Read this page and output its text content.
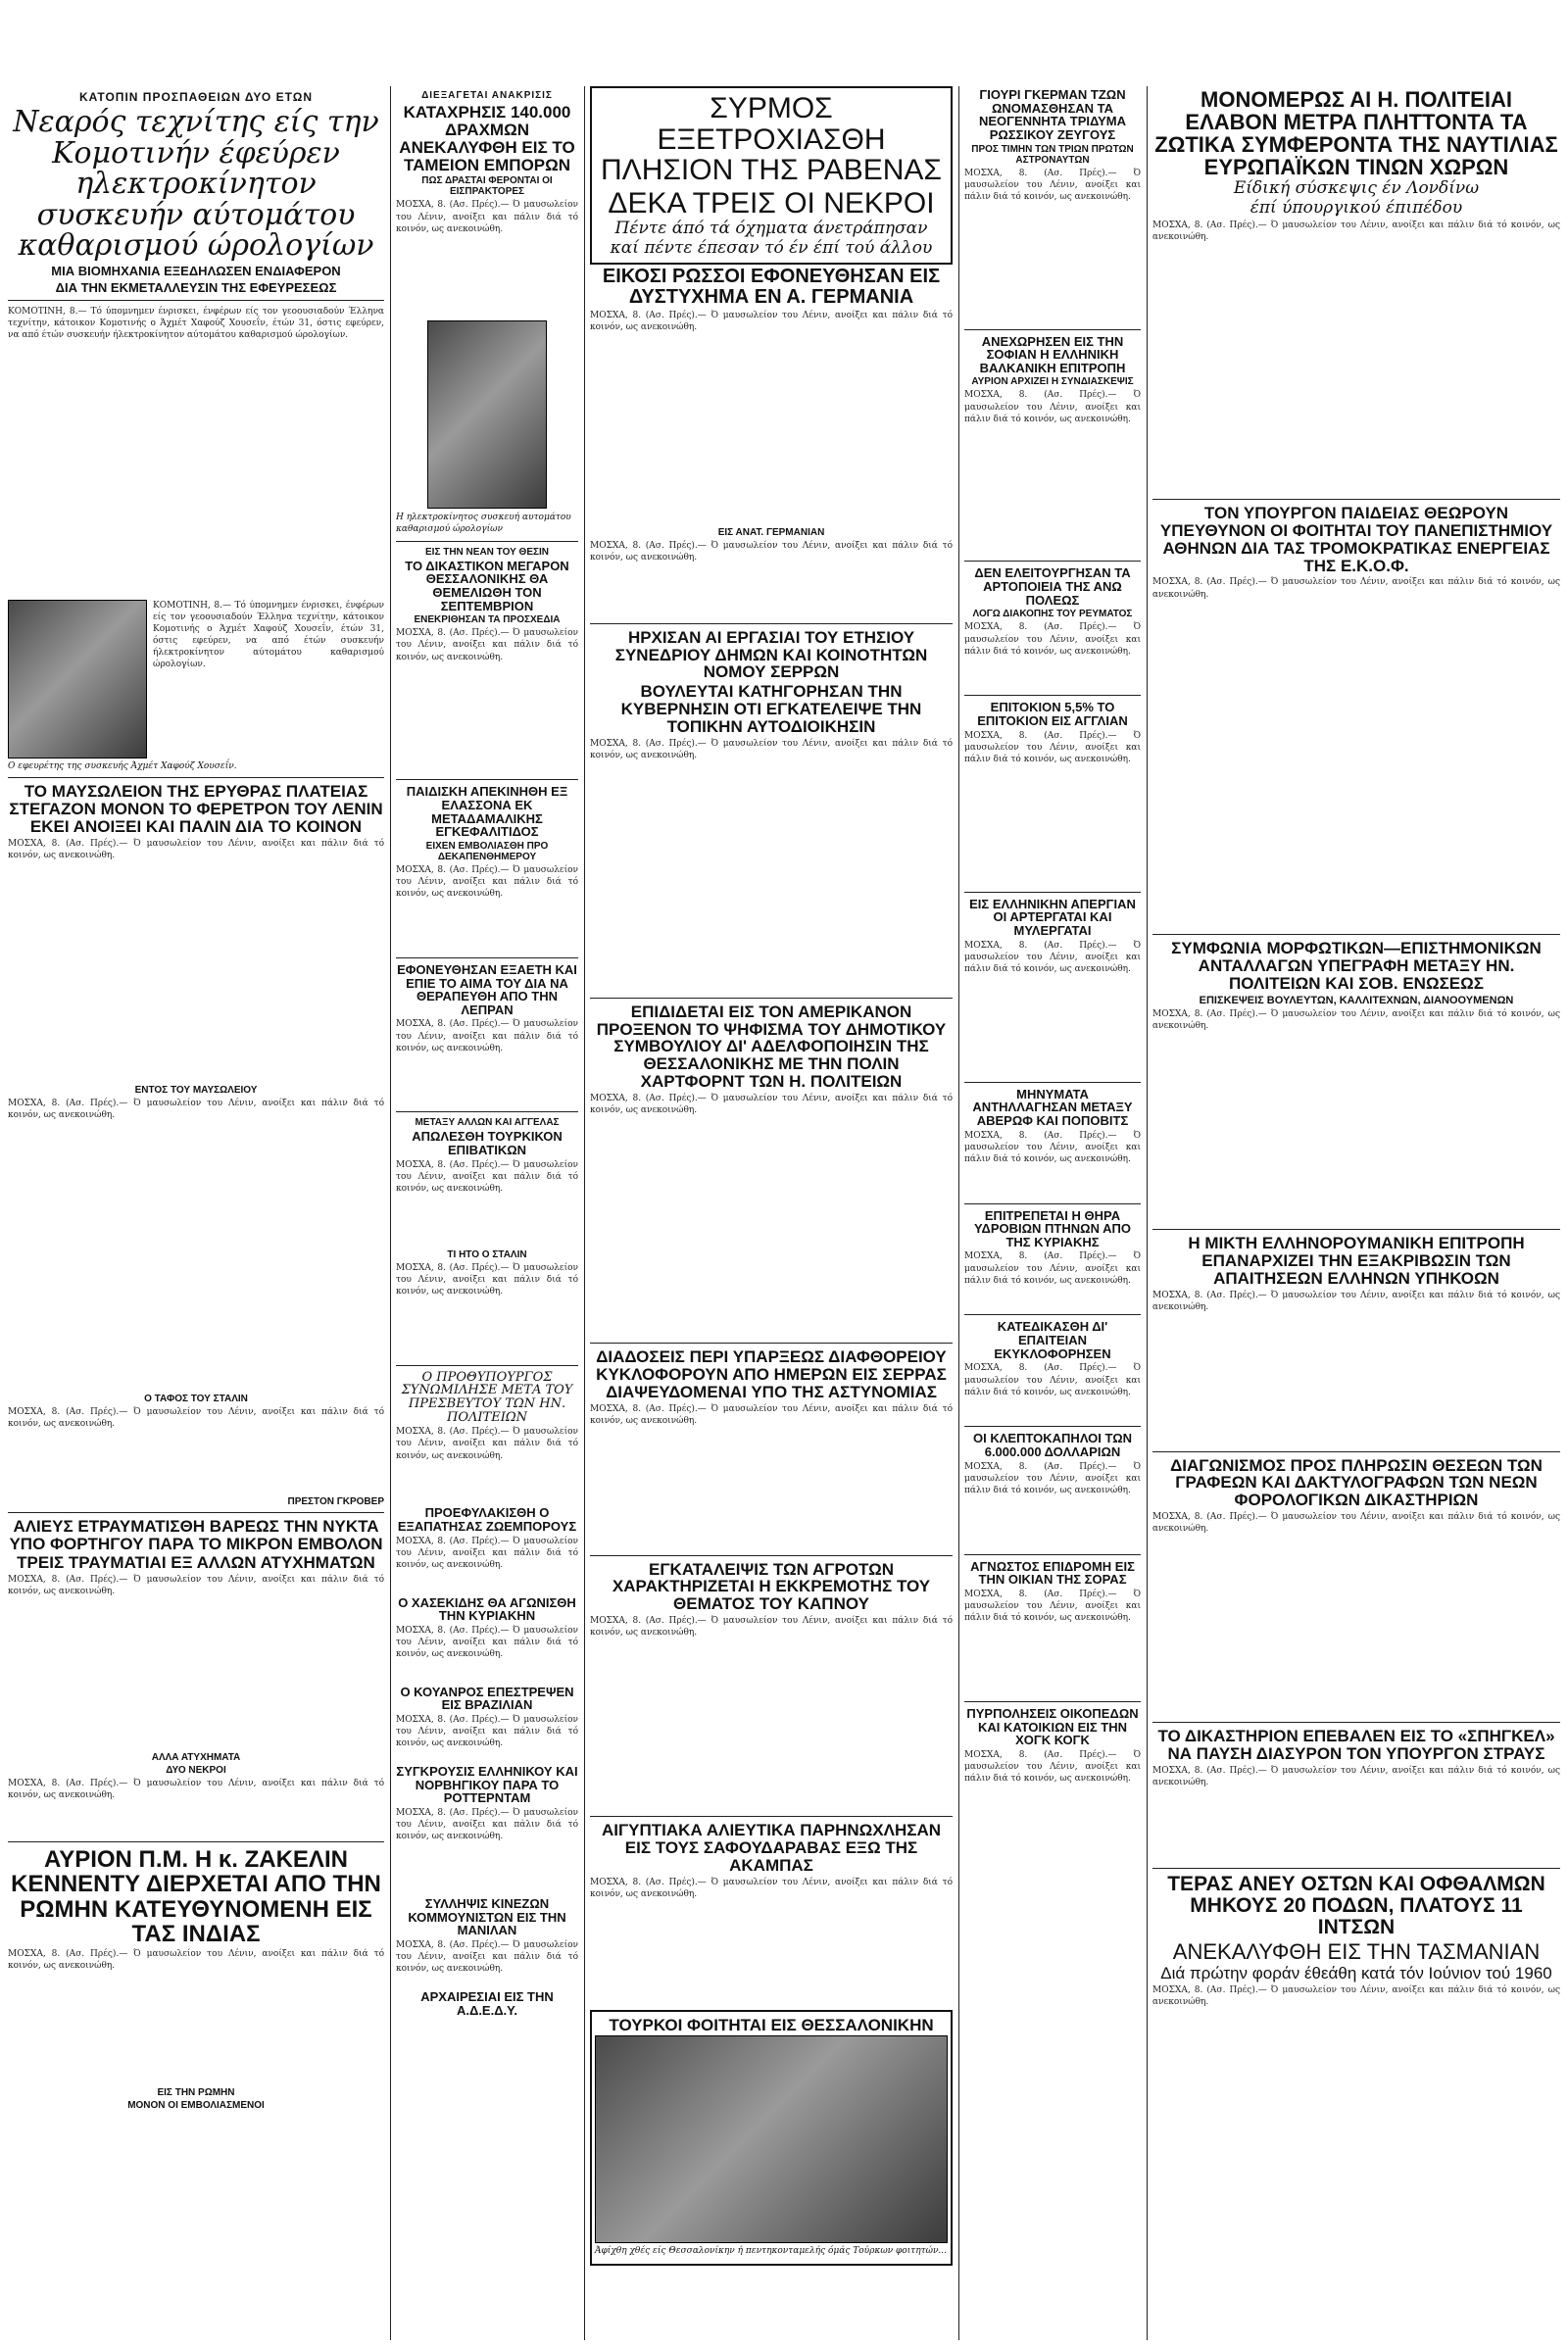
ΚΑΤΟΠΙΝ ΠΡΟΣΠΑΘΕΙΩΝ ΔΥΟ ΕΤΩΝ
Νεαρός τεχνίτης είς την Κομοτινήν έφεύρεν ηλεκτροκίνητον συσκευήν αύτομάτου καθαρισμού ώρολογίων
ΜΙΑ ΒΙΟΜΗΧΑΝΙΑ ΕΞΕΔΗΛΩΣΕΝ ΕΝΔΙΑΦΕΡΟΝ
ΔΙΑ ΤΗΝ ΕΚΜΕΤΑΛΛΕΥΣΙΝ ΤΗΣ ΕΦΕΥΡΕΣΕΩΣ
ΚΟΜΟΤΙΝΗ, 8.— Τό ύπομνημεν ένρισκει, ένφέρων είς τον γεοουσιαδούν Έλληνα τεχνίτην, κάτοικον Κομοτινής ο Άχμέτ Χαφούζ Χουσεΐν, έτών 31, όστις εφεύρεν, να από έτών συσκευήν ήλεκτροκίνητον αύτομάτου καθαρισμού ώρολογίων.
ΚΟΜΟΤΙΝΗ, 8.— Τό ύπομνημεν ένρισκει, ένφέρων είς τον γεοουσιαδούν Έλληνα τεχνίτην, κάτοικον Κομοτινής ο Άχμέτ Χαφούζ Χουσεΐν, έτών 31, όστις εφεύρεν, να από έτών συσκευήν ήλεκτροκίνητον αύτομάτου καθαρισμού ώρολογίων.
Ο εφευρέτης της συσκευής Άχμέτ Χαφούζ Χουσεΐν.
ΤΟ ΜΑΥΣΩΛΕΙΟΝ ΤΗΣ ΕΡΥΘΡΑΣ ΠΛΑΤΕΙΑΣ ΣΤΕΓΑΖΟΝ ΜΟΝΟΝ ΤΟ ΦΕΡΕΤΡΟΝ ΤΟΥ ΛΕΝΙΝ ΕΚΕΙ ΑΝΟΙΞΕΙ ΚΑΙ ΠΑΛΙΝ ΔΙΑ ΤΟ ΚΟΙΝΟΝ
ΜΟΣΧΑ, 8. (Ασ. Πρές).— Ό μαυσωλείον του Λένιν, ανοίξει και πάλιν διά τό κοινόν, ως ανεκοινώθη.
ΕΝΤΟΣ ΤΟΥ ΜΑΥΣΩΛΕΙΟΥ
ΜΟΣΧΑ, 8. (Ασ. Πρές).— Ό μαυσωλείον του Λένιν, ανοίξει και πάλιν διά τό κοινόν, ως ανεκοινώθη.
Ο ΤΑΦΟΣ ΤΟΥ ΣΤΑΛΙΝ
ΜΟΣΧΑ, 8. (Ασ. Πρές).— Ό μαυσωλείον του Λένιν, ανοίξει και πάλιν διά τό κοινόν, ως ανεκοινώθη.
ΠΡΕΣΤΟΝ ΓΚΡΟΒΕΡ
ΑΛΙΕΥΣ ΕΤΡΑΥΜΑΤΙΣΘΗ ΒΑΡΕΩΣ ΤΗΝ ΝΥΚΤΑ ΥΠΟ ΦΟΡΤΗΓΟΥ ΠΑΡΑ ΤΟ ΜΙΚΡΟΝ ΕΜΒΟΛΟΝ
ΤΡΕΙΣ ΤΡΑΥΜΑΤΙΑΙ ΕΞ ΑΛΛΩΝ ΑΤΥΧΗΜΑΤΩΝ
ΜΟΣΧΑ, 8. (Ασ. Πρές).— Ό μαυσωλείον του Λένιν, ανοίξει και πάλιν διά τό κοινόν, ως ανεκοινώθη.
ΑΛΛΑ ΑΤΥΧΗΜΑΤΑ
ΔΥΟ ΝΕΚΡΟΙ
ΜΟΣΧΑ, 8. (Ασ. Πρές).— Ό μαυσωλείον του Λένιν, ανοίξει και πάλιν διά τό κοινόν, ως ανεκοινώθη.
ΑΥΡΙΟΝ Π.Μ. Η κ. ΖΑΚΕΛΙΝ ΚΕΝΝΕΝΤΥ ΔΙΕΡΧΕΤΑΙ ΑΠΟ ΤΗΝ ΡΩΜΗΝ ΚΑΤΕΥΘΥΝΟΜΕΝΗ ΕΙΣ ΤΑΣ ΙΝΔΙΑΣ
ΜΟΣΧΑ, 8. (Ασ. Πρές).— Ό μαυσωλείον του Λένιν, ανοίξει και πάλιν διά τό κοινόν, ως ανεκοινώθη.
ΕΙΣ ΤΗΝ ΡΩΜΗΝ
ΜΟΝΟΝ ΟΙ ΕΜΒΟΛΙΑΣΜΕΝΟΙ
ΔΙΕΞΑΓΕΤΑΙ ΑΝΑΚΡΙΣΙΣ
ΚΑΤΑΧΡΗΣΙΣ 140.000 ΔΡΑΧΜΩΝ ΑΝΕΚΑΛΥΦΘΗ ΕΙΣ ΤΟ ΤΑΜΕΙΟΝ ΕΜΠΟΡΩΝ
ΠΩΣ ΔΡΑΣΤΑΙ ΦΕΡΟΝΤΑΙ ΟΙ ΕΙΣΠΡΑΚΤΟΡΕΣ
ΜΟΣΧΑ, 8. (Ασ. Πρές).— Ό μαυσωλείον του Λένιν, ανοίξει και πάλιν διά τό κοινόν, ως ανεκοινώθη.
Η ηλεκτροκίνητος συσκευή αυτομάτου καθαρισμού ώρολογίων
ΕΙΣ ΤΗΝ ΝΕΑΝ ΤΟΥ ΘΕΣΙΝ
ΤΟ ΔΙΚΑΣΤΙΚΟΝ ΜΕΓΑΡΟΝ ΘΕΣΣΑΛΟΝΙΚΗΣ ΘΑ ΘΕΜΕΛΙΩΘΗ ΤΟΝ ΣΕΠΤΕΜΒΡΙΟΝ
ΕΝΕΚΡΙΘΗΣΑΝ ΤΑ ΠΡΟΣΧΕΔΙΑ
ΜΟΣΧΑ, 8. (Ασ. Πρές).— Ό μαυσωλείον του Λένιν, ανοίξει και πάλιν διά τό κοινόν, ως ανεκοινώθη.
ΠΑΙΔΙΣΚΗ ΑΠΕΚΙΝΗΘΗ ΕΞ ΕΛΑΣΣΟΝΑ ΕΚ ΜΕΤΑΔΑΜΑΛΙΚΗΣ ΕΓΚΕΦΑΛΙΤΙΔΟΣ
ΕΙΧΕΝ ΕΜΒΟΛΙΑΣΘΗ ΠΡΟ ΔΕΚΑΠΕΝΘΗΜΕΡΟΥ
ΜΟΣΧΑ, 8. (Ασ. Πρές).— Ό μαυσωλείον του Λένιν, ανοίξει και πάλιν διά τό κοινόν, ως ανεκοινώθη.
ΕΦΟΝΕΥΘΗΣΑΝ ΕΞΑΕΤΗ ΚΑΙ ΕΠΙΕ ΤΟ ΑΙΜΑ ΤΟΥ ΔΙΑ ΝΑ ΘΕΡΑΠΕΥΘΗ ΑΠΟ ΤΗΝ ΛΕΠΡΑΝ
ΜΟΣΧΑ, 8. (Ασ. Πρές).— Ό μαυσωλείον του Λένιν, ανοίξει και πάλιν διά τό κοινόν, ως ανεκοινώθη.
ΜΕΤΑΞΥ ΑΛΛΩΝ ΚΑΙ ΑΓΓΕΛΑΣ
ΑΠΩΛΕΣΘΗ ΤΟΥΡΚΙΚΟΝ ΕΠΙΒΑΤΙΚΩΝ
ΜΟΣΧΑ, 8. (Ασ. Πρές).— Ό μαυσωλείον του Λένιν, ανοίξει και πάλιν διά τό κοινόν, ως ανεκοινώθη.
ΤΙ ΗΤΟ Ο ΣΤΑΛΙΝ
ΜΟΣΧΑ, 8. (Ασ. Πρές).— Ό μαυσωλείον του Λένιν, ανοίξει και πάλιν διά τό κοινόν, ως ανεκοινώθη.
Ο ΠΡΟΘΥΠΟΥΡΓΟΣ ΣΥΝΩΜΙΛΗΣΕ ΜΕΤΑ ΤΟΥ ΠΡΕΣΒΕΥΤΟΥ ΤΩΝ ΗΝ. ΠΟΛΙΤΕΙΩΝ
ΜΟΣΧΑ, 8. (Ασ. Πρές).— Ό μαυσωλείον του Λένιν, ανοίξει και πάλιν διά τό κοινόν, ως ανεκοινώθη.
ΠΡΟΕΦΥΛΑΚΙΣΘΗ Ο ΕΞΑΠΑΤΗΣΑΣ ΖΩΕΜΠΟΡΟΥΣ
ΜΟΣΧΑ, 8. (Ασ. Πρές).— Ό μαυσωλείον του Λένιν, ανοίξει και πάλιν διά τό κοινόν, ως ανεκοινώθη.
Ο ΧΑΣΕΚΙΔΗΣ ΘΑ ΑΓΩΝΙΣΘΗ ΤΗΝ ΚΥΡΙΑΚΗΝ
ΜΟΣΧΑ, 8. (Ασ. Πρές).— Ό μαυσωλείον του Λένιν, ανοίξει και πάλιν διά τό κοινόν, ως ανεκοινώθη.
Ο ΚΟΥΑΝΡΟΣ ΕΠΕΣΤΡΕΨΕΝ ΕΙΣ ΒΡΑΖΙΛΙΑΝ
ΜΟΣΧΑ, 8. (Ασ. Πρές).— Ό μαυσωλείον του Λένιν, ανοίξει και πάλιν διά τό κοινόν, ως ανεκοινώθη.
ΣΥΓΚΡΟΥΣΙΣ ΕΛΛΗΝΙΚΟΥ ΚΑΙ ΝΟΡΒΗΓΙΚΟΥ ΠΑΡΑ ΤΟ ΡΟΤΤΕΡΝΤΑΜ
ΜΟΣΧΑ, 8. (Ασ. Πρές).— Ό μαυσωλείον του Λένιν, ανοίξει και πάλιν διά τό κοινόν, ως ανεκοινώθη.
ΣΥΛΛΗΨΙΣ ΚΙΝΕΖΩΝ ΚΟΜΜΟΥΝΙΣΤΩΝ ΕΙΣ ΤΗΝ ΜΑΝΙΛΑΝ
ΜΟΣΧΑ, 8. (Ασ. Πρές).— Ό μαυσωλείον του Λένιν, ανοίξει και πάλιν διά τό κοινόν, ως ανεκοινώθη.
ΑΡΧΑΙΡΕΣΙΑΙ ΕΙΣ ΤΗΝ Α.Δ.Ε.Δ.Υ.
ΣΥΡΜΟΣ ΕΞΕΤΡΟΧΙΑΣΘΗ ΠΛΗΣΙΟΝ ΤΗΣ ΡΑΒΕΝΑΣ
ΔΕΚΑ ΤΡΕΙΣ ΟΙ ΝΕΚΡΟΙ
Πέντε άπό τά όχηματα άνετράπησαν
καί πέντε έπεσαν τό έν έπί τού άλλου
ΕΙΚΟΣΙ ΡΩΣΣΟΙ ΕΦΟΝΕΥΘΗΣΑΝ ΕΙΣ ΔΥΣΤΥΧΗΜΑ ΕΝ Α. ΓΕΡΜΑΝΙΑ
ΜΟΣΧΑ, 8. (Ασ. Πρές).— Ό μαυσωλείον του Λένιν, ανοίξει και πάλιν διά τό κοινόν, ως ανεκοινώθη.
ΕΙΣ ΑΝΑΤ. ΓΕΡΜΑΝΙΑΝ
ΜΟΣΧΑ, 8. (Ασ. Πρές).— Ό μαυσωλείον του Λένιν, ανοίξει και πάλιν διά τό κοινόν, ως ανεκοινώθη.
ΗΡΧΙΣΑΝ ΑΙ ΕΡΓΑΣΙΑΙ ΤΟΥ ΕΤΗΣΙΟΥ ΣΥΝΕΔΡΙΟΥ ΔΗΜΩΝ ΚΑΙ ΚΟΙΝΟΤΗΤΩΝ ΝΟΜΟΥ ΣΕΡΡΩΝ
ΒΟΥΛΕΥΤΑΙ ΚΑΤΗΓΟΡΗΣΑΝ ΤΗΝ ΚΥΒΕΡΝΗΣΙΝ ΟΤΙ ΕΓΚΑΤΕΛΕΙΨΕ ΤΗΝ ΤΟΠΙΚΗΝ ΑΥΤΟΔΙΟΙΚΗΣΙΝ
ΜΟΣΧΑ, 8. (Ασ. Πρές).— Ό μαυσωλείον του Λένιν, ανοίξει και πάλιν διά τό κοινόν, ως ανεκοινώθη.
ΕΠΙΔΙΔΕΤΑΙ ΕΙΣ ΤΟΝ ΑΜΕΡΙΚΑΝΟΝ ΠΡΟΞΕΝΟΝ ΤΟ ΨΗΦΙΣΜΑ ΤΟΥ ΔΗΜΟΤΙΚΟΥ ΣΥΜΒΟΥΛΙΟΥ ΔΙ' ΑΔΕΛΦΟΠΟΙΗΣΙΝ ΤΗΣ ΘΕΣΣΑΛΟΝΙΚΗΣ ΜΕ ΤΗΝ ΠΟΛΙΝ ΧΑΡΤΦΟΡΝΤ ΤΩΝ Η. ΠΟΛΙΤΕΙΩΝ
ΜΟΣΧΑ, 8. (Ασ. Πρές).— Ό μαυσωλείον του Λένιν, ανοίξει και πάλιν διά τό κοινόν, ως ανεκοινώθη.
ΔΙΑΔΟΣΕΙΣ ΠΕΡΙ ΥΠΑΡΞΕΩΣ ΔΙΑΦΘΟΡΕΙΟΥ ΚΥΚΛΟΦΟΡΟΥΝ ΑΠΟ ΗΜΕΡΩΝ ΕΙΣ ΣΕΡΡΑΣ ΔΙΑΨΕΥΔΟΜΕΝΑΙ ΥΠΟ ΤΗΣ ΑΣΤΥΝΟΜΙΑΣ
ΜΟΣΧΑ, 8. (Ασ. Πρές).— Ό μαυσωλείον του Λένιν, ανοίξει και πάλιν διά τό κοινόν, ως ανεκοινώθη.
ΕΓΚΑΤΑΛΕΙΨΙΣ ΤΩΝ ΑΓΡΟΤΩΝ ΧΑΡΑΚΤΗΡΙΖΕΤΑΙ Η ΕΚΚΡΕΜΟΤΗΣ ΤΟΥ ΘΕΜΑΤΟΣ ΤΟΥ ΚΑΠΝΟΥ
ΜΟΣΧΑ, 8. (Ασ. Πρές).— Ό μαυσωλείον του Λένιν, ανοίξει και πάλιν διά τό κοινόν, ως ανεκοινώθη.
ΑΙΓΥΠΤΙΑΚΑ ΑΛΙΕΥΤΙΚΑ ΠΑΡΗΝΩΧΛΗΣΑΝ ΕΙΣ ΤΟΥΣ ΣΑΦΟΥΔΑΡΑΒΑΣ ΕΞΩ ΤΗΣ ΑΚΑΜΠΑΣ
ΜΟΣΧΑ, 8. (Ασ. Πρές).— Ό μαυσωλείον του Λένιν, ανοίξει και πάλιν διά τό κοινόν, ως ανεκοινώθη.
ΤΟΥΡΚΟΙ ΦΟΙΤΗΤΑΙ ΕΙΣ ΘΕΣΣΑΛΟΝΙΚΗΝ
Άφίχθη χθές είς Θεσσαλονίκην ή πεντηκονταμελής όμάς Τούρκων φοιτητών...
ΓΙΟΥΡΙ ΓΚΕΡΜΑΝ ΤΖΩΝ ΩΝΟΜΑΣΘΗΣΑΝ ΤΑ ΝΕΟΓΕΝΝΗΤΑ ΤΡΙΔΥΜΑ ΡΩΣΣΙΚΟΥ ΖΕΥΓΟΥΣ
ΠΡΟΣ ΤΙΜΗΝ ΤΩΝ ΤΡΙΩΝ ΠΡΩΤΩΝ ΑΣΤΡΟΝΑΥΤΩΝ
ΜΟΣΧΑ, 8. (Ασ. Πρές).— Ό μαυσωλείον του Λένιν, ανοίξει και πάλιν διά τό κοινόν, ως ανεκοινώθη.
ΑΝΕΧΩΡΗΣΕΝ ΕΙΣ ΤΗΝ ΣΟΦΙΑΝ Η ΕΛΛΗΝΙΚΗ ΒΑΛΚΑΝΙΚΗ ΕΠΙΤΡΟΠΗ
ΑΥΡΙΟΝ ΑΡΧΙΖΕΙ Η ΣΥΝΔΙΑΣΚΕΨΙΣ
ΜΟΣΧΑ, 8. (Ασ. Πρές).— Ό μαυσωλείον του Λένιν, ανοίξει και πάλιν διά τό κοινόν, ως ανεκοινώθη.
ΔΕΝ ΕΛΕΙΤΟΥΡΓΗΣΑΝ ΤΑ ΑΡΤΟΠΟΙΕΙΑ ΤΗΣ ΑΝΩ ΠΟΛΕΩΣ
ΛΟΓΩ ΔΙΑΚΟΠΗΣ ΤΟΥ ΡΕΥΜΑΤΟΣ
ΜΟΣΧΑ, 8. (Ασ. Πρές).— Ό μαυσωλείον του Λένιν, ανοίξει και πάλιν διά τό κοινόν, ως ανεκοινώθη.
ΕΠΙΤΟΚΙΟΝ 5,5% ΤΟ ΕΠΙΤΟΚΙΟΝ ΕΙΣ ΑΓΓΛΙΑΝ
ΜΟΣΧΑ, 8. (Ασ. Πρές).— Ό μαυσωλείον του Λένιν, ανοίξει και πάλιν διά τό κοινόν, ως ανεκοινώθη.
ΕΙΣ ΕΛΛΗΝΙΚΗΝ ΑΠΕΡΓΙΑΝ ΟΙ ΑΡΤΕΡΓΑΤΑΙ ΚΑΙ ΜΥΛΕΡΓΑΤΑΙ
ΜΟΣΧΑ, 8. (Ασ. Πρές).— Ό μαυσωλείον του Λένιν, ανοίξει και πάλιν διά τό κοινόν, ως ανεκοινώθη.
ΜΗΝΥΜΑΤΑ ΑΝΤΗΛΛΑΓΗΣΑΝ ΜΕΤΑΞΥ ΑΒΕΡΩΦ ΚΑΙ ΠΟΠΟΒΙΤΣ
ΜΟΣΧΑ, 8. (Ασ. Πρές).— Ό μαυσωλείον του Λένιν, ανοίξει και πάλιν διά τό κοινόν, ως ανεκοινώθη.
ΕΠΙΤΡΕΠΕΤΑΙ Η ΘΗΡΑ ΥΔΡΟΒΙΩΝ ΠΤΗΝΩΝ ΑΠΟ ΤΗΣ ΚΥΡΙΑΚΗΣ
ΜΟΣΧΑ, 8. (Ασ. Πρές).— Ό μαυσωλείον του Λένιν, ανοίξει και πάλιν διά τό κοινόν, ως ανεκοινώθη.
ΚΑΤΕΔΙΚΑΣΘΗ ΔΙ' ΕΠΑΙΤΕΙΑΝ ΕΚΥΚΛΟΦΟΡΗΣΕΝ
ΜΟΣΧΑ, 8. (Ασ. Πρές).— Ό μαυσωλείον του Λένιν, ανοίξει και πάλιν διά τό κοινόν, ως ανεκοινώθη.
ΟΙ ΚΛΕΠΤΟΚΑΠΗΛΟΙ ΤΩΝ 6.000.000 ΔΟΛΛΑΡΙΩΝ
ΜΟΣΧΑ, 8. (Ασ. Πρές).— Ό μαυσωλείον του Λένιν, ανοίξει και πάλιν διά τό κοινόν, ως ανεκοινώθη.
ΑΓΝΩΣΤΟΣ ΕΠΙΔΡΟΜΗ ΕΙΣ ΤΗΝ ΟΙΚΙΑΝ ΤΗΣ ΣΟΡΑΣ
ΜΟΣΧΑ, 8. (Ασ. Πρές).— Ό μαυσωλείον του Λένιν, ανοίξει και πάλιν διά τό κοινόν, ως ανεκοινώθη.
ΠΥΡΠΟΛΗΣΕΙΣ ΟΙΚΟΠΕΔΩΝ ΚΑΙ ΚΑΤΟΙΚΙΩΝ ΕΙΣ ΤΗΝ ΧΟΓΚ ΚΟΓΚ
ΜΟΣΧΑ, 8. (Ασ. Πρές).— Ό μαυσωλείον του Λένιν, ανοίξει και πάλιν διά τό κοινόν, ως ανεκοινώθη.
ΜΟΝΟΜΕΡΩΣ ΑΙ Η. ΠΟΛΙΤΕΙΑΙ ΕΛΑΒΟΝ ΜΕΤΡΑ ΠΛΗΤΤΟΝΤΑ ΤΑ ΖΩΤΙΚΑ ΣΥΜΦΕΡΟΝΤΑ ΤΗΣ ΝΑΥΤΙΛΙΑΣ ΕΥΡΩΠΑΪΚΩΝ ΤΙΝΩΝ ΧΩΡΩΝ
Είδική σύσκεψις έν Λονδίνω
έπί ύπουργικού έπιπέδου
ΜΟΣΧΑ, 8. (Ασ. Πρές).— Ό μαυσωλείον του Λένιν, ανοίξει και πάλιν διά τό κοινόν, ως ανεκοινώθη.
ΤΟΝ ΥΠΟΥΡΓΟΝ ΠΑΙΔΕΙΑΣ ΘΕΩΡΟΥΝ ΥΠΕΥΘΥΝΟΝ ΟΙ ΦΟΙΤΗΤΑΙ ΤΟΥ ΠΑΝΕΠΙΣΤΗΜΙΟΥ ΑΘΗΝΩΝ ΔΙΑ ΤΑΣ ΤΡΟΜΟΚΡΑΤΙΚΑΣ ΕΝΕΡΓΕΙΑΣ ΤΗΣ Ε.Κ.Ο.Φ.
ΜΟΣΧΑ, 8. (Ασ. Πρές).— Ό μαυσωλείον του Λένιν, ανοίξει και πάλιν διά τό κοινόν, ως ανεκοινώθη.
ΣΥΜΦΩΝΙΑ ΜΟΡΦΩΤΙΚΩΝ—ΕΠΙΣΤΗΜΟΝΙΚΩΝ ΑΝΤΑΛΛΑΓΩΝ ΥΠΕΓΡΑΦΗ ΜΕΤΑΞΥ ΗΝ. ΠΟΛΙΤΕΙΩΝ ΚΑΙ ΣΟΒ. ΕΝΩΣΕΩΣ
ΕΠΙΣΚΕΨΕΙΣ ΒΟΥΛΕΥΤΩΝ, ΚΑΛΛΙΤΕΧΝΩΝ, ΔΙΑΝΟΟΥΜΕΝΩΝ
ΜΟΣΧΑ, 8. (Ασ. Πρές).— Ό μαυσωλείον του Λένιν, ανοίξει και πάλιν διά τό κοινόν, ως ανεκοινώθη.
Η ΜΙΚΤΗ ΕΛΛΗΝΟΡΟΥΜΑΝΙΚΗ ΕΠΙΤΡΟΠΗ ΕΠΑΝΑΡΧΙΖΕΙ ΤΗΝ ΕΞΑΚΡΙΒΩΣΙΝ ΤΩΝ ΑΠΑΙΤΗΣΕΩΝ ΕΛΛΗΝΩΝ ΥΠΗΚΟΩΝ
ΜΟΣΧΑ, 8. (Ασ. Πρές).— Ό μαυσωλείον του Λένιν, ανοίξει και πάλιν διά τό κοινόν, ως ανεκοινώθη.
ΔΙΑΓΩΝΙΣΜΟΣ ΠΡΟΣ ΠΛΗΡΩΣΙΝ ΘΕΣΕΩΝ ΤΩΝ ΓΡΑΦΕΩΝ ΚΑΙ ΔΑΚΤΥΛΟΓΡΑΦΩΝ ΤΩΝ ΝΕΩΝ ΦΟΡΟΛΟΓΙΚΩΝ ΔΙΚΑΣΤΗΡΙΩΝ
ΜΟΣΧΑ, 8. (Ασ. Πρές).— Ό μαυσωλείον του Λένιν, ανοίξει και πάλιν διά τό κοινόν, ως ανεκοινώθη.
ΤΟ ΔΙΚΑΣΤΗΡΙΟΝ ΕΠΕΒΑΛΕΝ ΕΙΣ ΤΟ «ΣΠΗΓΚΕΛ» ΝΑ ΠΑΥΣΗ ΔΙΑΣΥΡΟΝ ΤΟΝ ΥΠΟΥΡΓΟΝ ΣΤΡΑΥΣ
ΜΟΣΧΑ, 8. (Ασ. Πρές).— Ό μαυσωλείον του Λένιν, ανοίξει και πάλιν διά τό κοινόν, ως ανεκοινώθη.
ΤΕΡΑΣ ΑΝΕΥ ΟΣΤΩΝ ΚΑΙ ΟΦΘΑΛΜΩΝ ΜΗΚΟΥΣ 20 ΠΟΔΩΝ, ΠΛΑΤΟΥΣ 11 ΙΝΤΣΩΝ
ΑΝΕΚΑΛΥΦΘΗ ΕΙΣ ΤΗΝ ΤΑΣΜΑΝΙΑΝ
Διά πρώτην φοράν έθεάθη κατά τόν Ιούνιον τού 1960
ΜΟΣΧΑ, 8. (Ασ. Πρές).— Ό μαυσωλείον του Λένιν, ανοίξει και πάλιν διά τό κοινόν, ως ανεκοινώθη.
